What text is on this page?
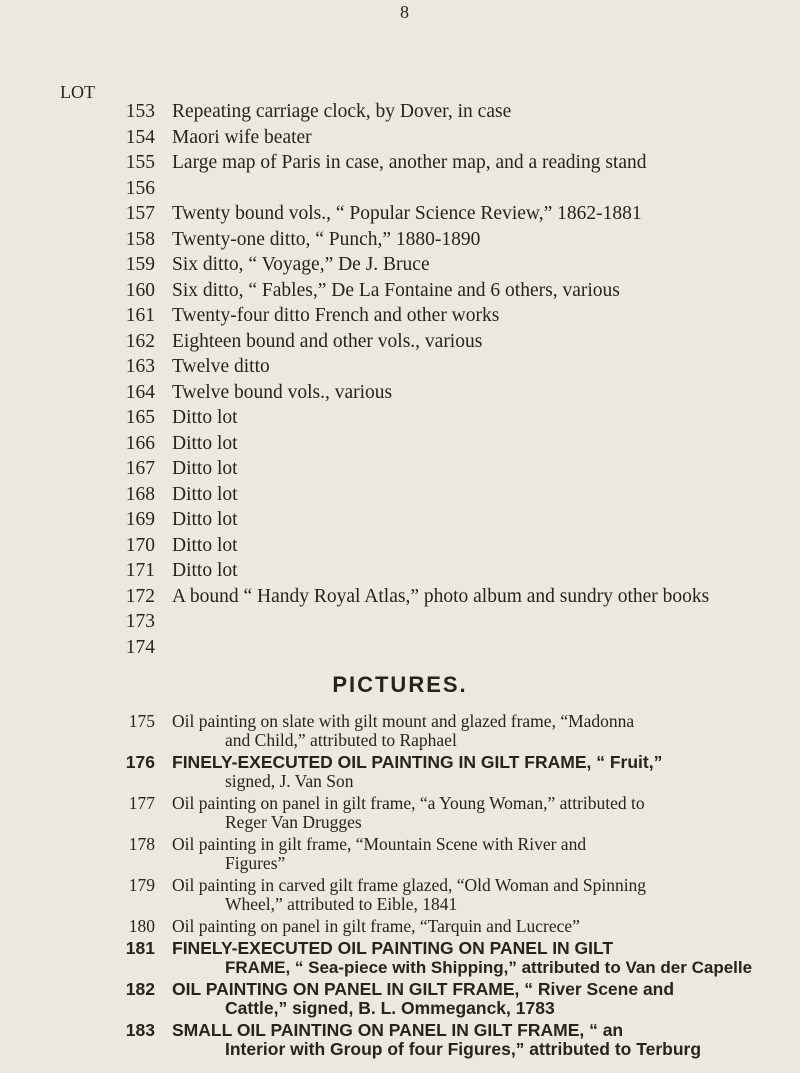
8
LOT
153 Repeating carriage clock, by Dover, in case
154 Maori wife beater
155 Large map of Paris in case, another map, and a reading stand
156
157 Twenty bound vols., “ Popular Science Review,” 1862-1881
158 Twenty-one ditto, “ Punch,” 1880-1890
159 Six ditto, “ Voyage,” De J. Bruce
160 Six ditto, “ Fables,” De La Fontaine and 6 others, various
161 Twenty-four ditto French and other works
162 Eighteen bound and other vols., various
163 Twelve ditto
164 Twelve bound vols., various
165 Ditto lot
166 Ditto lot
167 Ditto lot
168 Ditto lot
169 Ditto lot
170 Ditto lot
171 Ditto lot
172 A bound “ Handy Royal Atlas,” photo album and sundry other books
173
174
PICTURES.
175 Oil painting on slate with gilt mount and glazed frame, “Madonna
and Child,” attributed to Raphael
176 FINELY-EXECUTED OIL PAINTING IN GILT FRAME, “ Fruit,”
signed, J. Van Son
177 Oil painting on panel in gilt frame, “a Young Woman,” attributed to
Reger Van Drugges
178 Oil painting in gilt frame, “Mountain Scene with River and
Figures”
179 Oil painting in carved gilt frame glazed, “Old Woman and Spinning
Wheel,” attributed to Eible, 1841
180 Oil painting on panel in gilt frame, “Tarquin and Lucrece”
181 FINELY-EXECUTED OIL PAINTING ON PANEL IN GILT
FRAME, “ Sea-piece with Shipping,” attributed to Van der Capelle
182 OIL PAINTING ON PANEL IN GILT FRAME, “ River Scene and
Cattle,” signed, B. L. Ommeganck, 1783
183 SMALL OIL PAINTING ON PANEL IN GILT FRAME, “ an
Interior with Group of four Figures,” attributed to Terburg
